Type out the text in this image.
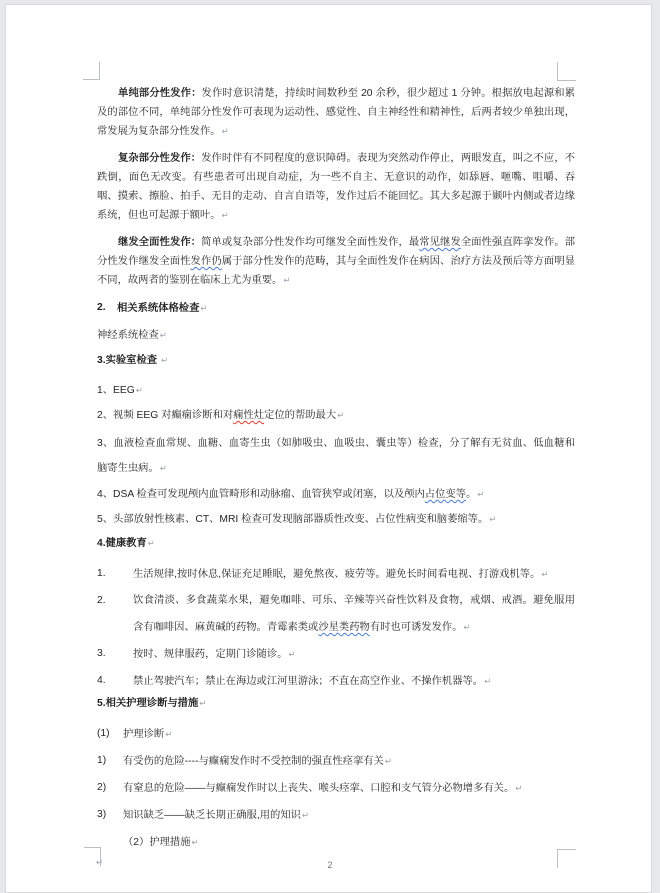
单纯部分性发作：发作时意识清楚，持续时间数秒至 20 余秒，很少超过 1 分钟。根据放电起源和累及的部位不同，单纯部分性发作可表现为运动性、感觉性、自主神经性和精神性，后两者较少单独出现，常发展为复杂部分性发作。↵

复杂部分性发作：发作时伴有不同程度的意识障碍。表现为突然动作停止，两眼发直，叫之不应，不跌倒，面色无改变。有些患者可出现自动症，为一些不自主、无意识的动作，如舔唇、咂嘴、咀嚼、吞咽、摸索、擦脸、拍手、无目的走动、自言自语等，发作过后不能回忆。其大多起源于颞叶内侧或者边缘系统，但也可起源于额叶。↵

继发全面性发作：简单或复杂部分性发作均可继发全面性发作，最常见继发全面性强直阵挛发作。部分性发作继发全面性发作仍属于部分性发作的范畴，其与全面性发作在病因、治疗方法及预后等方面明显不同，故两者的鉴别在临床上尤为重要。↵

2. 相关系统体格检查↵

神经系统检查↵

3.实验室检查 ↵

1、EEG↵

2、视频 EEG 对癫痫诊断和对痫性灶定位的帮助最大↵

3、血液检查血常规、血糖、血寄生虫（如肺吸虫、血吸虫、囊虫等）检查，分了解有无贫血、低血糖和脑寄生虫病。↵

4、DSA 检查可发现颅内血管畸形和动脉瘤、血管狭窄或闭塞，以及颅内占位变等。↵

5、头部放射性核素、CT、MRI 检查可发现脑部器质性改变、占位性病变和脑萎缩等。↵

4.健康教育↵

1.	生活规律,按时休息,保证充足睡眠，避免熬夜、疲劳等。避免长时间看电视、打游戏机等。↵

2.	饮食清淡、多食蔬菜水果，避免咖啡、可乐、辛辣等兴奋性饮料及食物，戒烟、戒酒。避免服用含有咖啡因、麻黄碱的药物。青霉素类或沙星类药物有时也可诱发发作。↵

3.	按时、规律服药，定期门诊随诊。↵

4.	禁止驾驶汽车；禁止在海边或江河里游泳；不直在高空作业、不操作机器等。↵

5.相关护理诊断与措施↵

(1) 护理诊断↵

1) 有受伤的危险----与癫痫发作时不受控制的强直性痉挛有关↵

2) 有窒息的危险——与癫痫发作时以上丧失、喉头痉挛、口腔和支气管分必物增多有关。↵

3) 知识缺乏——缺乏长期正确服,用的知识↵

（2）护理措施↵

↵	2
